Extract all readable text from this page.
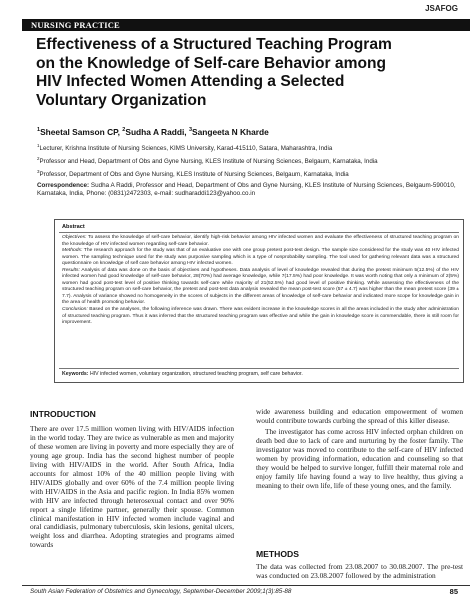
JSAFOG
NURSING PRACTICE
Effectiveness of a Structured Teaching Program
on the Knowledge of Self-care Behavior among
HIV Infected Women Attending a Selected
Voluntary Organization
$^1$Sheetal Samson CP, $^2$Sudha A Raddi, $^3$Sangeeta N Kharde
$^1$Lecturer, Krishna Institute of Nursing Sciences, KIMS University, Karad-415110, Satara, Maharashtra, India
$^2$Professor and Head, Department of Obs and Gyne Nursing, KLES Institute of Nursing Sciences, Belgaum, Karnataka, India
$^3$Professor, Department of Obs and Gyne Nursing, KLES Institute of Nursing Sciences, Belgaum, Karnataka, India
Correspondence: Sudha A Raddi, Professor and Head, Department of Obs and Gyne Nursing, KLES Institute of Nursing Sciences, Belgaum-590010, Karnataka, India, Phone: (0831)2472303, e-mail: sudharaddi123@yahoo.co.in
Abstract

Objectives: To assess the knowledge of self-care behavior, identify high-risk behavior among HIV infected women and evaluate the effectiveness of structured teaching program on the knowledge of HIV infected women regarding self-care behavior.

Methods: The research approach for the study was that of an evaluative one with one group pretest post-test design. The sample size considered for the study was 40 HIV infected women. The sampling technique used for the study was purposive sampling which is a type of nonprobability sampling. The tool used for gathering relevant data was a structured questionnaire on knowledge of self care behavior among HIV infected women.

Results: Analysis of data was done on the basis of objectives and hypotheses. Data analysis of level of knowledge revealed that during the pretest minimum 5(12.5%) of the HIV infected women had good knowledge of self-care behavior, 28(70%) had average knowledge, while 7(17.5%) had poor knowledge. It was worth noting that only a minimum of 2(5%) women had good post-test level of positive thinking towards self-care while majority of 21(52.5%) had good level of positive thinking. While assessing the effectiveness of the structured teaching program on self-care behavior, the pretest and post-test data analysis revealed the mean post-test score (57 ± 4.7) was higher than the mean pretest score (39 ± 7.7). Analysis of variance showed no homogeneity in the scores of subjects in the different areas of knowledge of self-care behavior and indicated more scope for knowledge gain in the area of health promoting behavior.

Conclusion: Based on the analyses, the following inference was drawn. There was evident increase in the knowledge scores in all the areas included in the study after administration of structured teaching program. Thus it was inferred that the structured teaching program was effective and while the gain in knowledge score is commendable, there is still room for improvement.

Keywords: HIV infected women, voluntary organization, structured teaching program, self care behavior.
INTRODUCTION

There are over 17.5 million women living with HIV/AIDS infection in the world today. They are twice as vulnerable as men and majority of these women are living in poverty and more especially they are of young age group. India has the second highest number of people living with HIV/AIDS in the world. After South Africa, India accounts for almost 10% of the 40 million people living with HIV/AIDS globally and over 60% of the 7.4 million people living with HIV/AIDS in the Asia and pacific region. In India 85% women with HIV are infected through heterosexual contact and over 90% report a single lifetime partner, generally their spouse. Common clinical manifestation in HIV infected women include vaginal and oral candidiasis, pulmonary tuberculosis, skin lesions, genital ulcers, weight loss and diarrhea. Adopting strategies and programs aimed towards

wide awareness building and education empowerment of women would contribute towards curbing the spread of this killer disease.

The investigator has come across HIV infected orphan children on death bed due to lack of care and nurturing by the foster family. The investigator was moved to contribute to the self-care of HIV infected women by providing information, education and counseling so that they would be helped to survive longer, fulfill their maternal role and enjoy family life having found a way to live healthy, thus giving a meaning to their own life, life of these young ones, and the family.

METHODS

The data was collected from 23.08.2007 to 30.08.2007. The pre-test was conducted on 23.08.2007 followed by the administration

South Asian Federation of Obstetrics and Gynecology, September-December 2009;1(3):85-88	85
